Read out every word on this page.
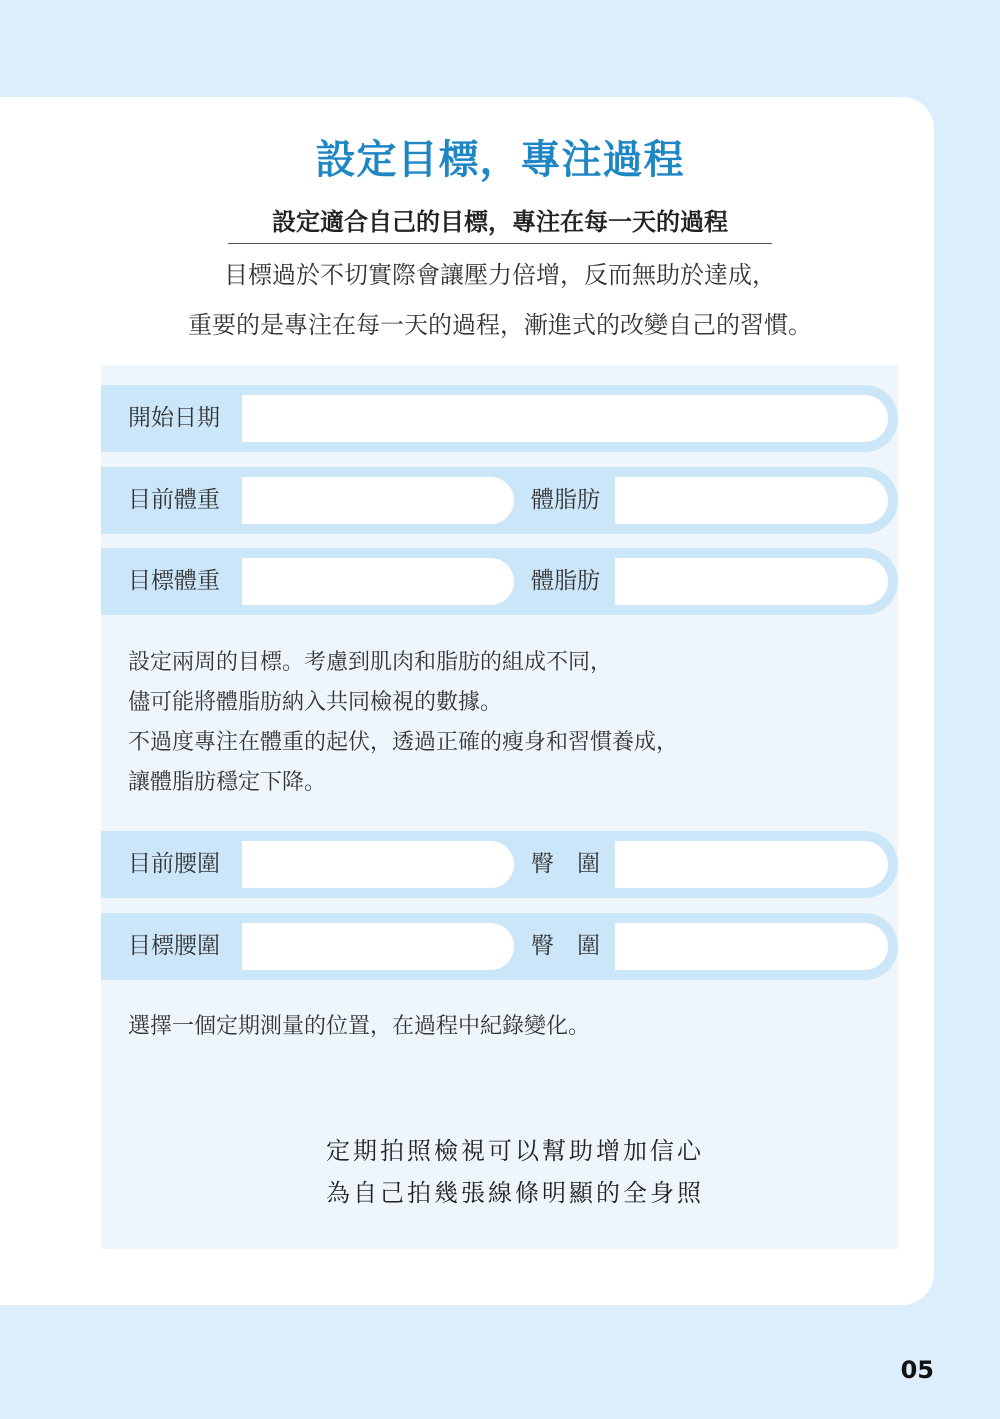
設定目標，專注過程
設定適合自己的目標，專注在每一天的過程
目標過於不切實際會讓壓力倍增，反而無助於達成，
重要的是專注在每一天的過程，漸進式的改變自己的習慣。
開始日期
目前體重	體脂肪
目標體重	體脂肪
設定兩周的目標。考慮到肌肉和脂肪的組成不同，
儘可能將體脂肪納入共同檢視的數據。
不過度專注在體重的起伏，透過正確的瘦身和習慣養成，
讓體脂肪穩定下降。
目前腰圍	臀　圍
目標腰圍	臀　圍
選擇一個定期測量的位置，在過程中紀錄變化。
定期拍照檢視可以幫助增加信心
為自己拍幾張線條明顯的全身照
05
